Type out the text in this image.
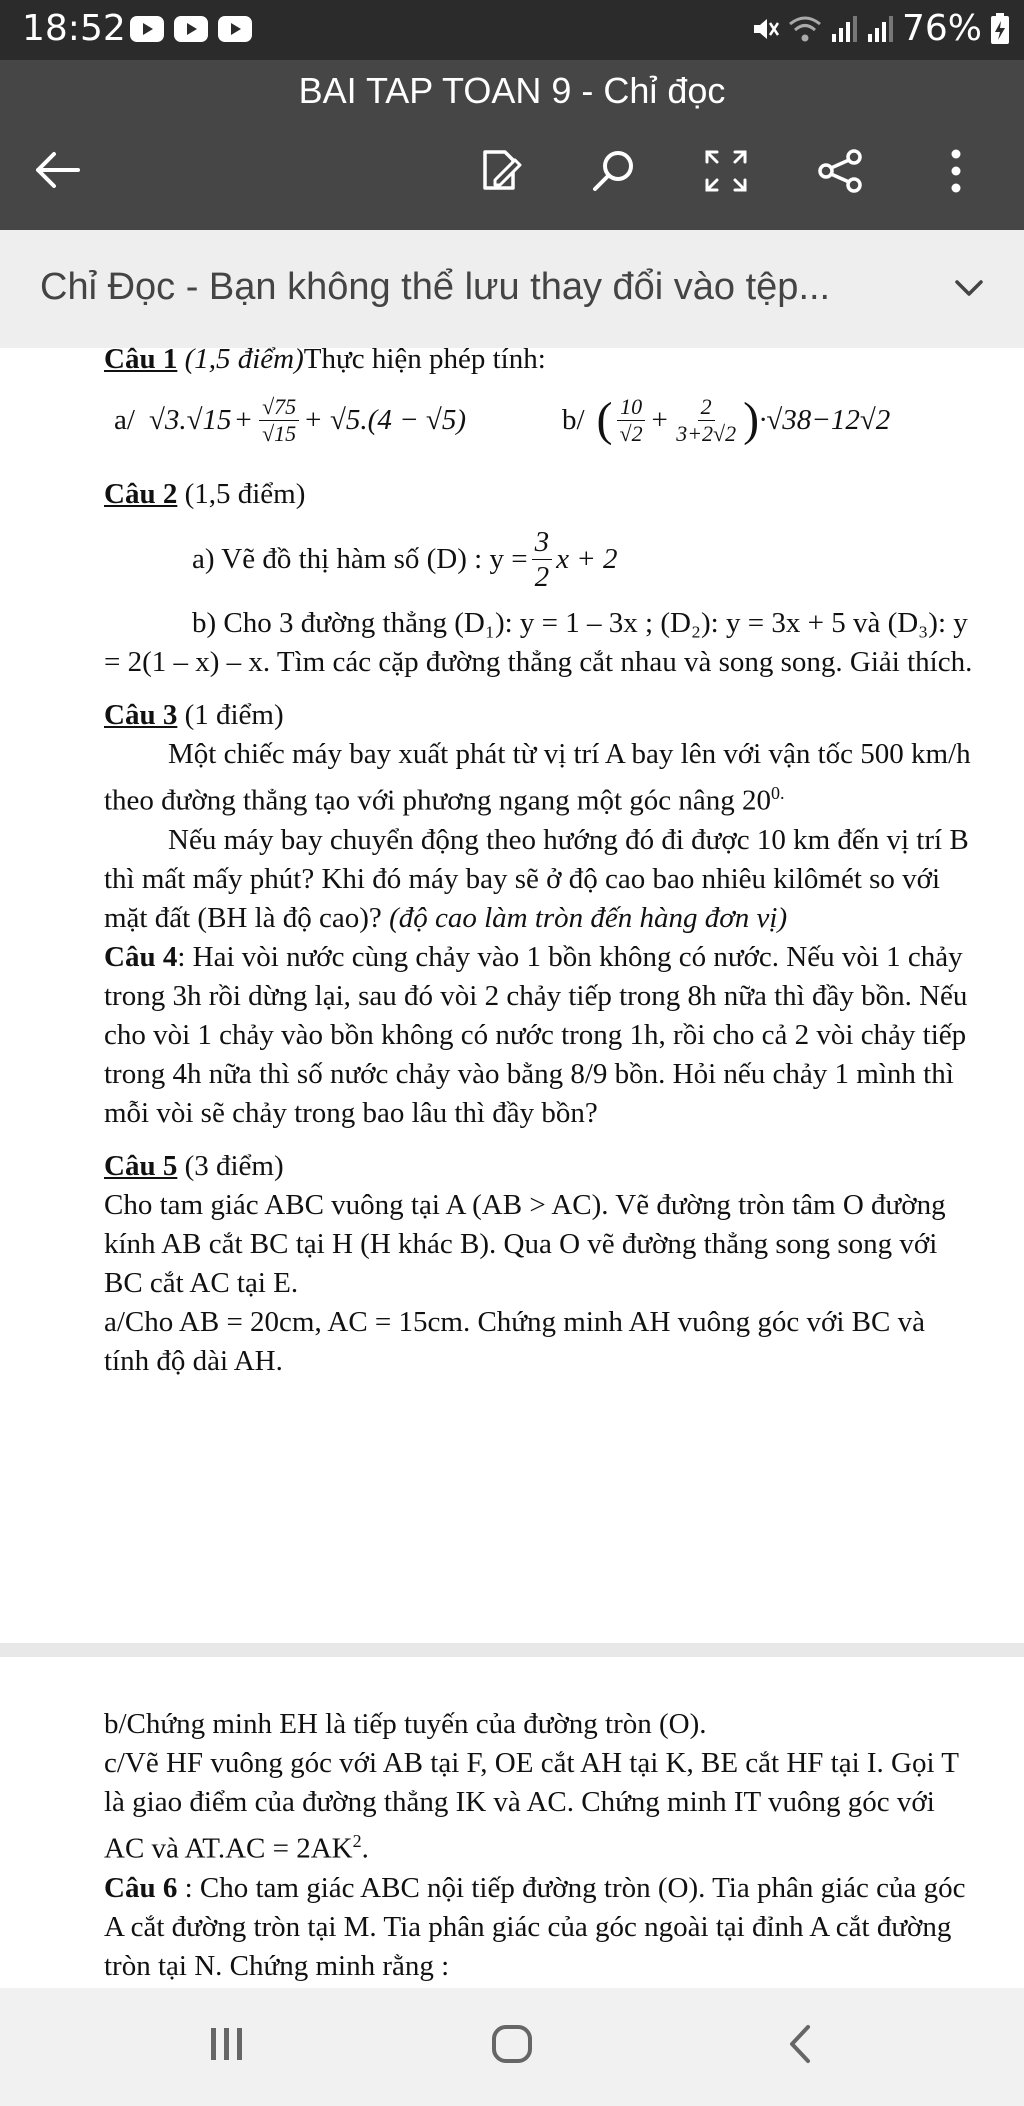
18:52	76%
BAI TAP TOAN 9 - Chỉ đọc
Chỉ Đọc - Bạn không thể lưu thay đổi vào tệp...

Câu 1 (1,5 điểm)Thực hiện phép tính:

a/ $√3.√15 + \frac{√75}{√15} + √5.(4 - √5)$	b/ ( $\frac{10}{√2} + \frac{2}{3+2√2}$ ) ·√38−12√2

Câu 2 (1,5 điểm)

a) Vẽ đồ thị hàm số (D) : $y = \frac{3}{2}$ x + 2

b) Cho 3 đường thẳng (D₁): y = 1 – 3x ; (D₂): y = 3x + 5 và (D₃): y = 2(1 – x) – x. Tìm các cặp đường thẳng cắt nhau và song song. Giải thích.

Câu 3 (1 điểm)

Một chiếc máy bay xuất phát từ vị trí A bay lên với vận tốc 500 km/h theo đường thẳng tạo với phương ngang một góc nâng $20^{0.}$

Nếu máy bay chuyển động theo hướng đó đi được 10 km đến vị trí B thì mất mấy phút? Khi đó máy bay sẽ ở độ cao bao nhiêu kilômét so với mặt đất (BH là độ cao)? (độ cao làm tròn đến hàng đơn vị)

Câu 4: Hai vòi nước cùng chảy vào 1 bồn không có nước. Nếu vòi 1 chảy trong 3h rồi dừng lại, sau đó vòi 2 chảy tiếp trong 8h nữa thì đầy bồn. Nếu cho vòi 1 chảy vào bồn không có nước trong 1h, rồi cho cả 2 vòi chảy tiếp trong 4h nữa thì số nước chảy vào bằng 8/9 bồn. Hỏi nếu chảy 1 mình thì mỗi vòi sẽ chảy trong bao lâu thì đầy bồn?

Câu 5 (3 điểm)

Cho tam giác ABC vuông tại A (AB > AC). Vẽ đường tròn tâm O đường kính AB cắt BC tại H (H khác B). Qua O vẽ đường thẳng song song với BC cắt AC tại E.

a/Cho AB = 20cm, AC = 15cm. Chứng minh AH vuông góc với BC và tính độ dài AH.

b/Chứng minh EH là tiếp tuyến của đường tròn (O).

c/Vẽ HF vuông góc với AB tại F, OE cắt AH tại K, BE cắt HF tại I. Gọi T là giao điểm của đường thẳng IK và AC. Chứng minh IT vuông góc với AC và $AT.AC = 2AK^2$.

Câu 6 : Cho tam giác ABC nội tiếp đường tròn (O). Tia phân giác của góc A cắt đường tròn tại M. Tia phân giác của góc ngoài tại đỉnh A cắt đường tròn tại N. Chứng minh rằng :
